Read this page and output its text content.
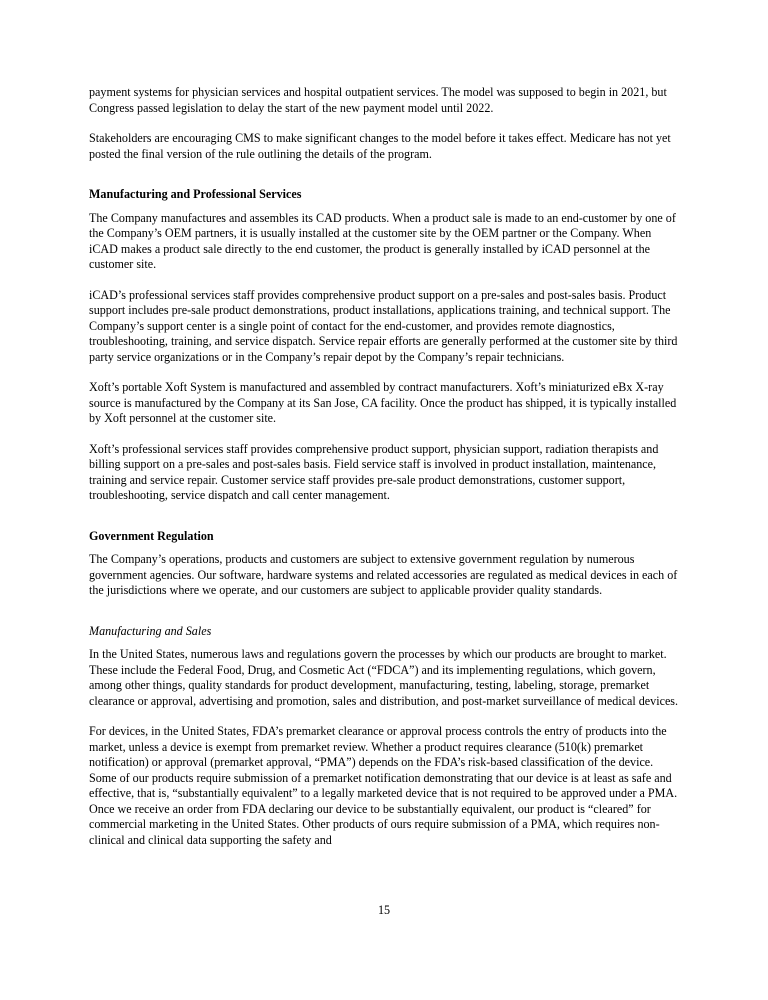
payment systems for physician services and hospital outpatient services. The model was supposed to begin in 2021, but Congress passed legislation to delay the start of the new payment model until 2022.

Stakeholders are encouraging CMS to make significant changes to the model before it takes effect. Medicare has not yet posted the final version of the rule outlining the details of the program.

Manufacturing and Professional Services

The Company manufactures and assembles its CAD products. When a product sale is made to an end-customer by one of the Company’s OEM partners, it is usually installed at the customer site by the OEM partner or the Company. When iCAD makes a product sale directly to the end customer, the product is generally installed by iCAD personnel at the customer site.

iCAD’s professional services staff provides comprehensive product support on a pre-sales and post-sales basis. Product support includes pre-sale product demonstrations, product installations, applications training, and technical support. The Company’s support center is a single point of contact for the end-customer, and provides remote diagnostics, troubleshooting, training, and service dispatch. Service repair efforts are generally performed at the customer site by third party service organizations or in the Company’s repair depot by the Company’s repair technicians.

Xoft’s portable Xoft System is manufactured and assembled by contract manufacturers. Xoft’s miniaturized eBx X-ray source is manufactured by the Company at its San Jose, CA facility. Once the product has shipped, it is typically installed by Xoft personnel at the customer site.

Xoft’s professional services staff provides comprehensive product support, physician support, radiation therapists and billing support on a pre-sales and post-sales basis. Field service staff is involved in product installation, maintenance, training and service repair. Customer service staff provides pre-sale product demonstrations, customer support, troubleshooting, service dispatch and call center management.

Government Regulation

The Company’s operations, products and customers are subject to extensive government regulation by numerous government agencies. Our software, hardware systems and related accessories are regulated as medical devices in each of the jurisdictions where we operate, and our customers are subject to applicable provider quality standards.

Manufacturing and Sales

In the United States, numerous laws and regulations govern the processes by which our products are brought to market. These include the Federal Food, Drug, and Cosmetic Act (“FDCA”) and its implementing regulations, which govern, among other things, quality standards for product development, manufacturing, testing, labeling, storage, premarket clearance or approval, advertising and promotion, sales and distribution, and post-market surveillance of medical devices.

For devices, in the United States, FDA’s premarket clearance or approval process controls the entry of products into the market, unless a device is exempt from premarket review. Whether a product requires clearance (510(k) premarket notification) or approval (premarket approval, “PMA”) depends on the FDA’s risk-based classification of the device. Some of our products require submission of a premarket notification demonstrating that our device is at least as safe and effective, that is, “substantially equivalent” to a legally marketed device that is not required to be approved under a PMA. Once we receive an order from FDA declaring our device to be substantially equivalent, our product is “cleared” for commercial marketing in the United States. Other products of ours require submission of a PMA, which requires non-clinical and clinical data supporting the safety and

15
